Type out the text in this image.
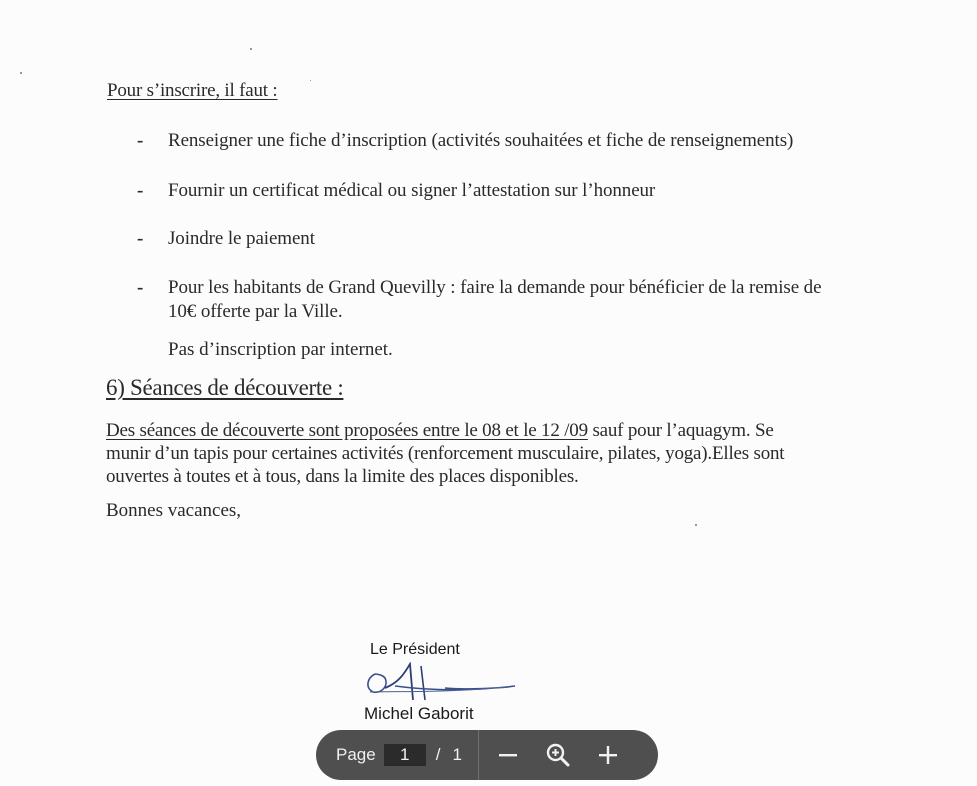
Pour s’inscrire, il faut :
- Renseigner une fiche d’inscription (activités souhaitées et fiche de renseignements)
- Fournir un certificat médical ou signer l’attestation sur l’honneur
- Joindre le paiement
- Pour les habitants de Grand Quevilly : faire la demande pour bénéficier de la remise de
10€ offerte par la Ville.
Pas d’inscription par internet.
6) Séances de découverte :
Des séances de découverte sont proposées entre le 08 et le 12 /09 sauf pour l’aquagym. Se
munir d’un tapis pour certaines activités (renforcement musculaire, pilates, yoga).Elles sont
ouvertes à toutes et à tous, dans la limite des places disponibles.
Bonnes vacances,
Le Président
Michel Gaborit
Page
1	/ 1
